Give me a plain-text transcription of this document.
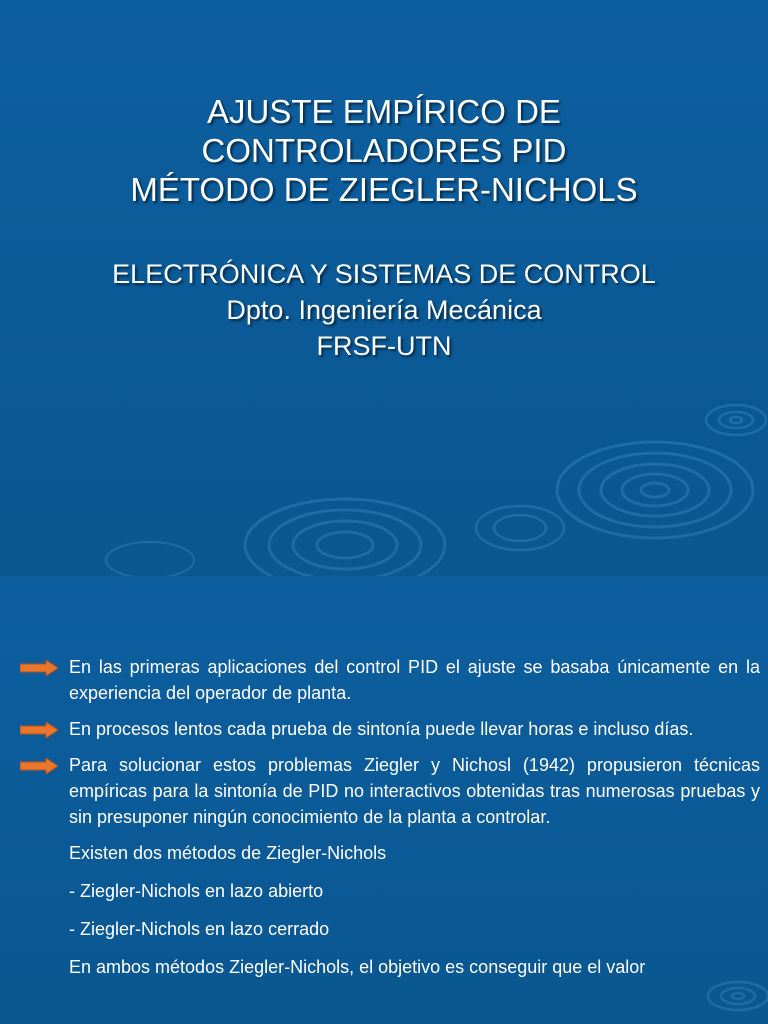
AJUSTE EMPÍRICO DE
CONTROLADORES PID
MÉTODO DE ZIEGLER-NICHOLS
ELECTRÓNICA Y SISTEMAS DE CONTROL
Dpto. Ingeniería Mecánica
FRSF-UTN
En las primeras aplicaciones del control PID el ajuste se basaba únicamente en la experiencia del operador de planta.
En procesos lentos cada prueba de sintonía puede llevar horas e incluso días.
Para solucionar estos problemas Ziegler y Nichosl (1942) propusieron técnicas empíricas para la sintonía de PID no interactivos obtenidas tras numerosas pruebas y sin presuponer ningún conocimiento de la planta a controlar.
Existen dos métodos de Ziegler-Nichols
- Ziegler-Nichols en lazo abierto
- Ziegler-Nichols en lazo cerrado
En ambos métodos Ziegler-Nichols, el objetivo es conseguir que el valor
